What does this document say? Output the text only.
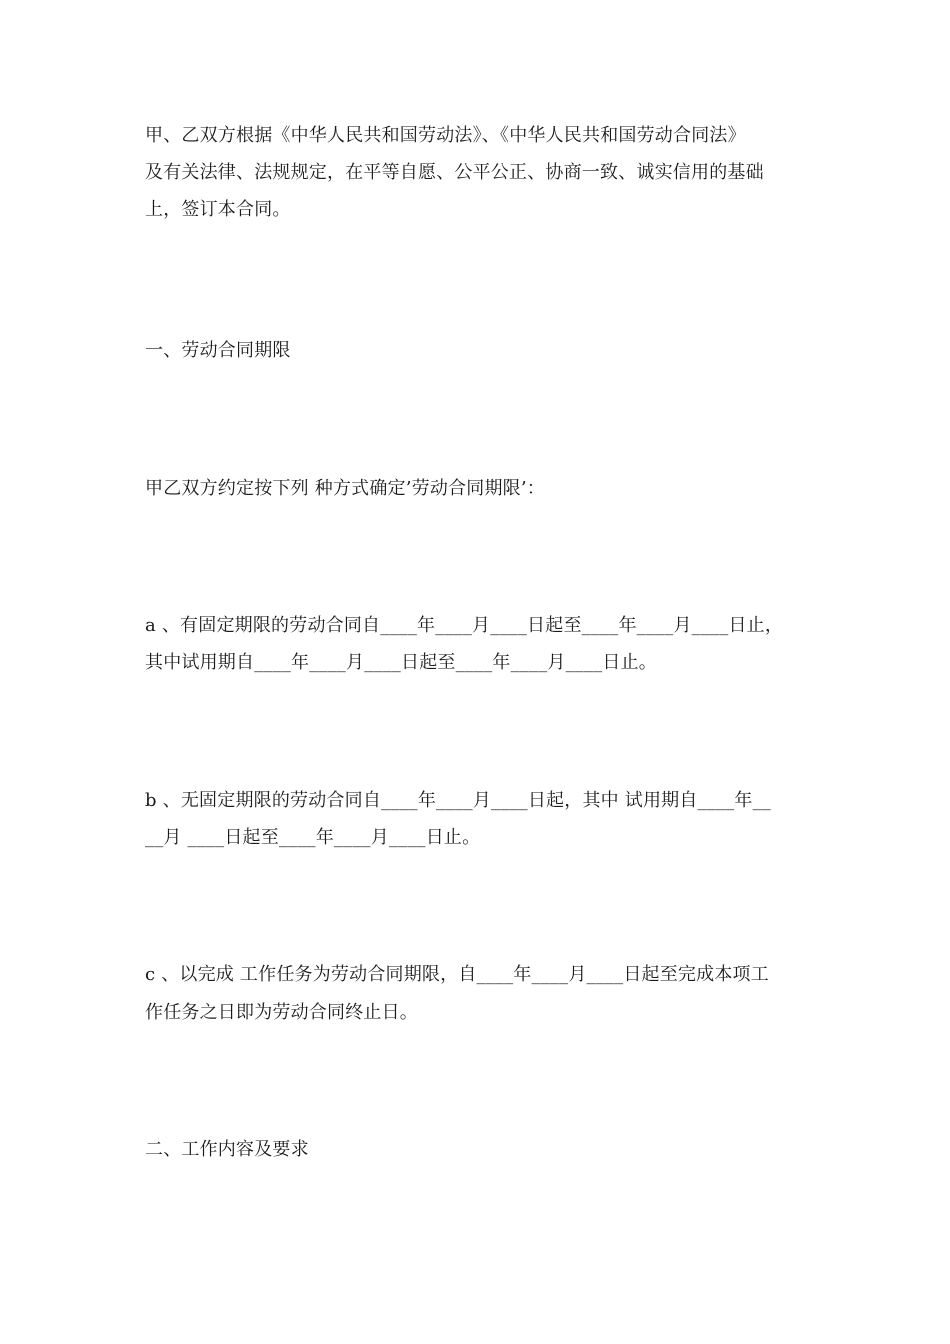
甲、乙双方根据《中华人民共和国劳动法》、《中华人民共和国劳动合同法》
及有关法律、法规规定，在平等自愿、公平公正、协商一致、诚实信用的基础
上，签订本合同。
一、劳动合同期限
甲乙双方约定按下列 种方式确定’劳动合同期限’：
a 、有固定期限的劳动合同自____年____月____日起至____年____月____日止，
其中试用期自____年____月____日起至____年____月____日止。
b 、无固定期限的劳动合同自____年____月____日起，其中 试用期自____年__
__月 ____日起至____年____月____日止。
c 、以完成 工作任务为劳动合同期限，自____年____月____日起至完成本项工
作任务之日即为劳动合同终止日。
二、工作内容及要求
